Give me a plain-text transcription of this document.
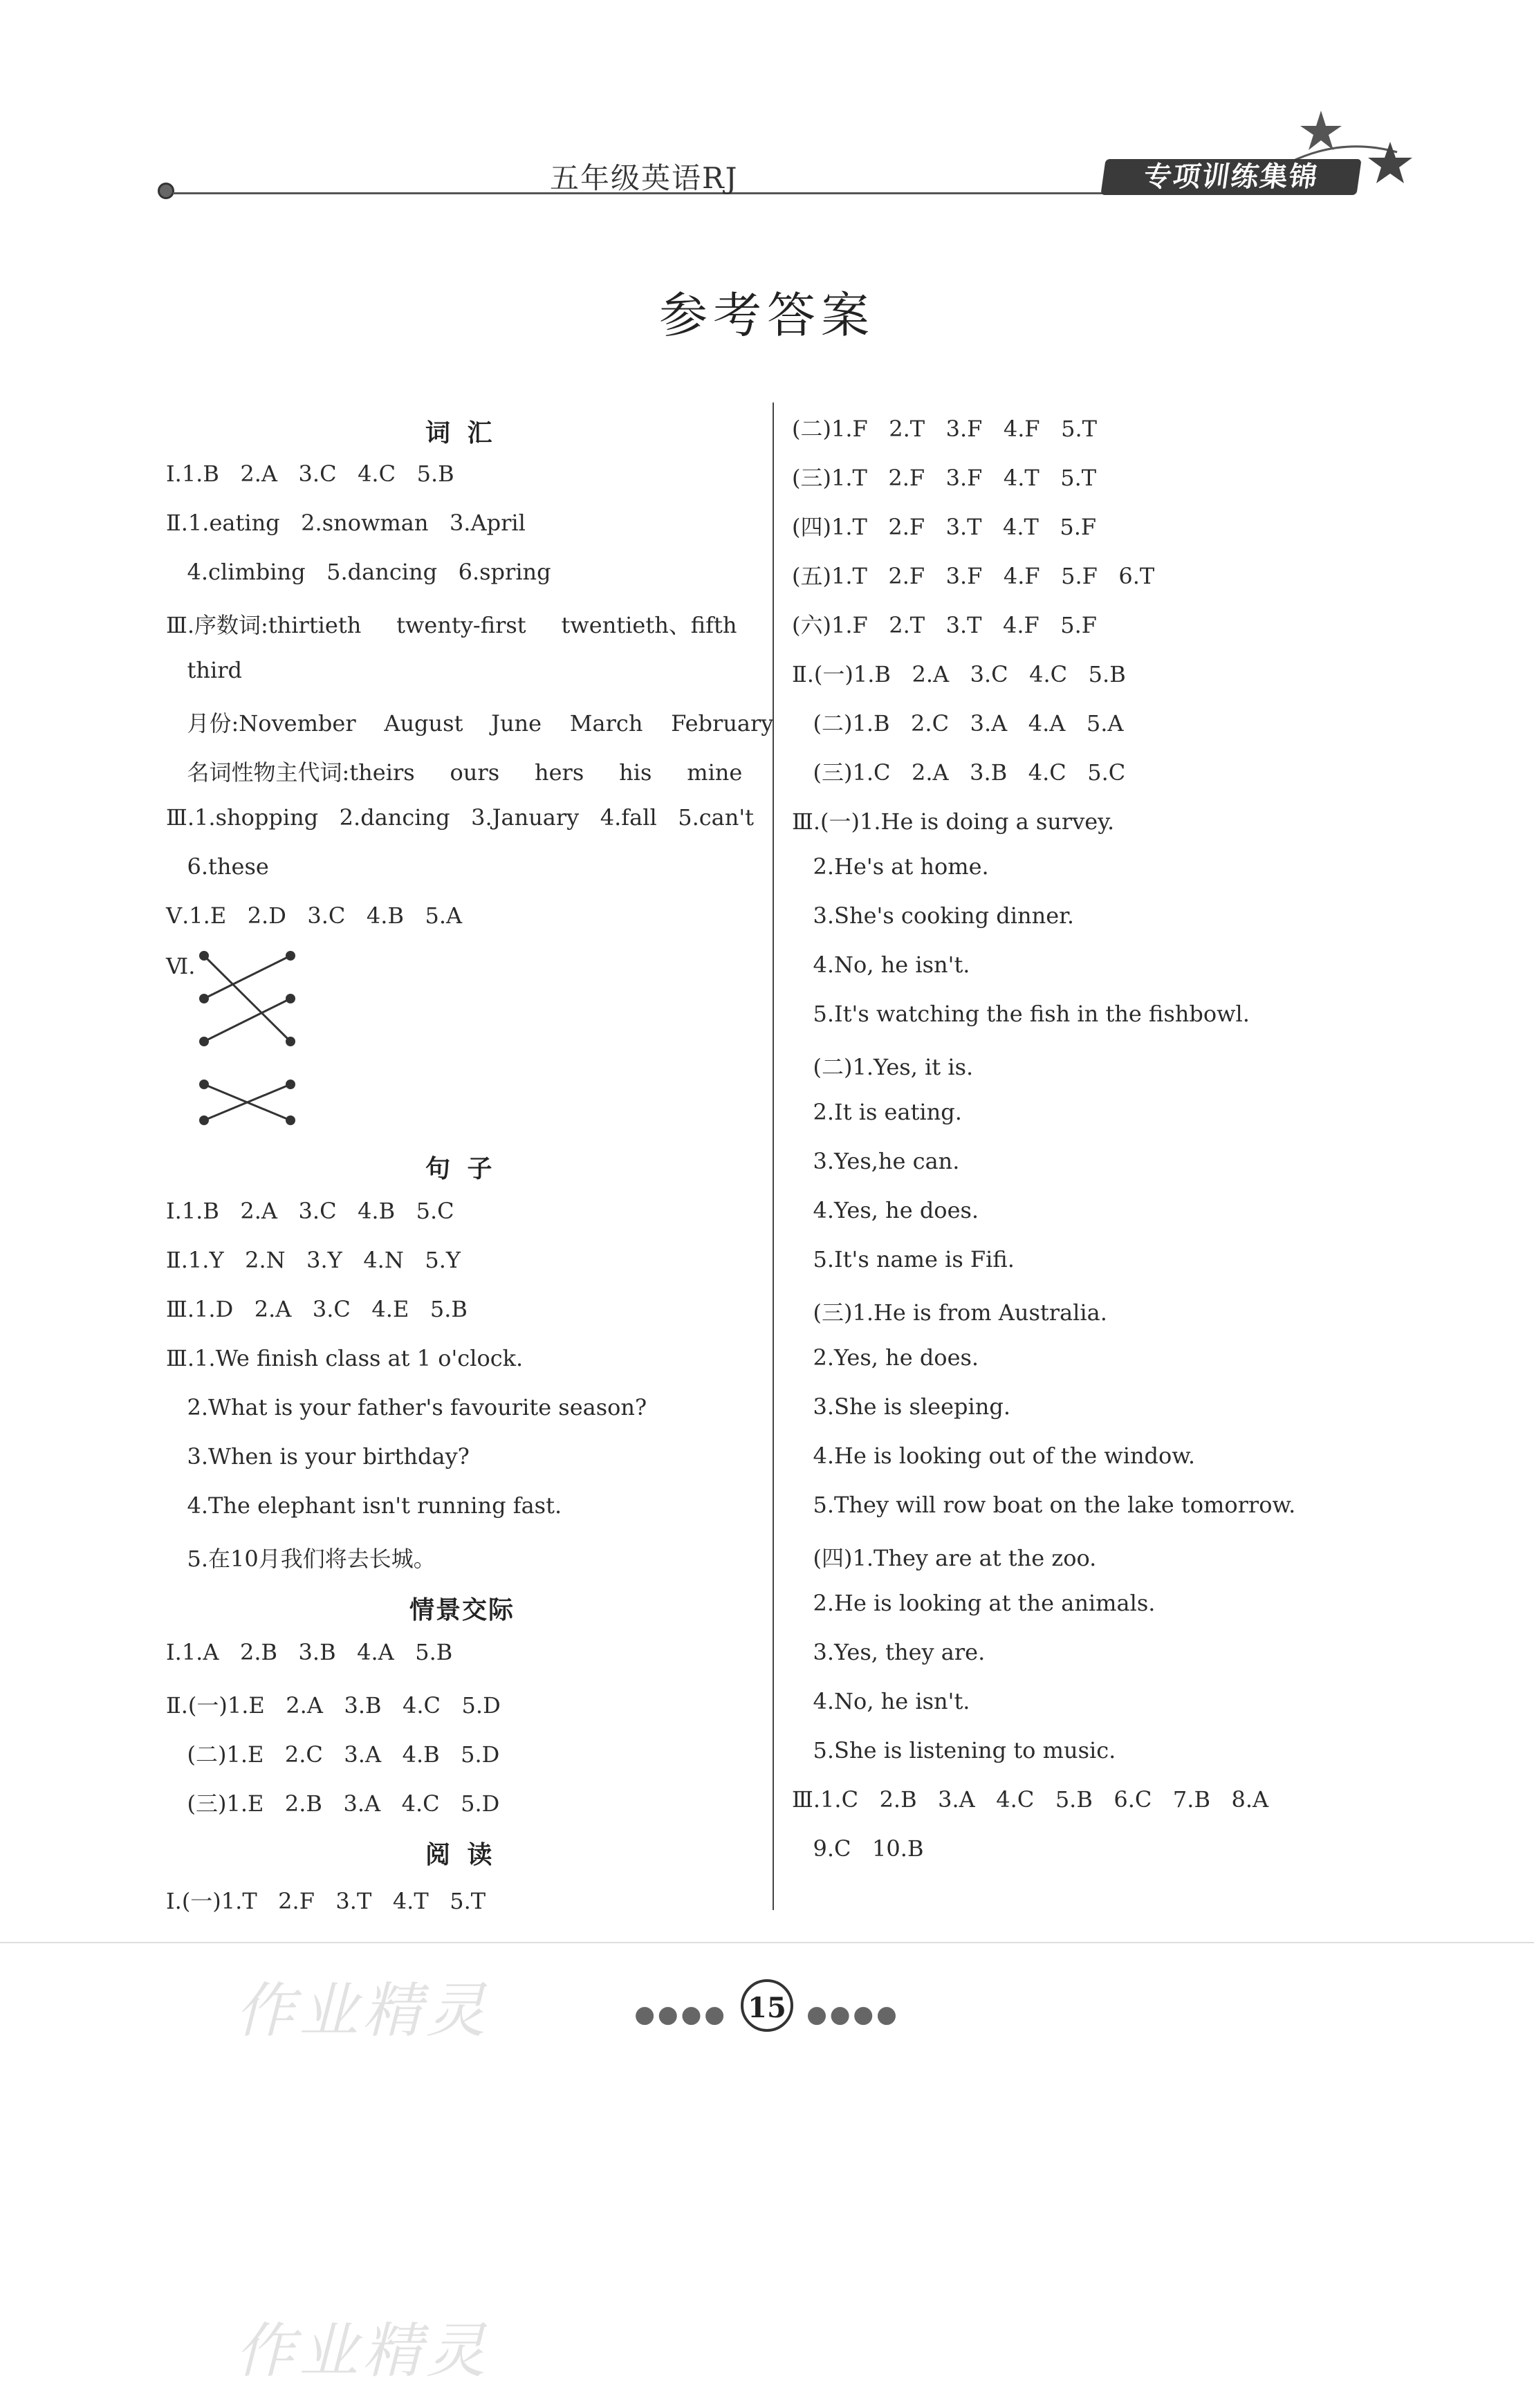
五年级英语RJ	专项训练集锦
参考答案
词 汇
Ⅰ.1.B   2.A   3.C   4.C   5.B
Ⅱ.1.eating   2.snowman   3.April
4.climbing   5.dancing   6.spring
Ⅲ.序数词:thirtieth     twenty-first     twentieth、fifth
third
月份:November    August    June    March    February
名词性物主代词:theirs     ours     hers     his     mine
Ⅲ.1.shopping   2.dancing   3.January   4.fall   5.can't
6.these
Ⅴ.1.E   2.D   3.C   4.B   5.A
Ⅵ.
句 子
Ⅰ.1.B   2.A   3.C   4.B   5.C
Ⅱ.1.Y   2.N   3.Y   4.N   5.Y
Ⅲ.1.D   2.A   3.C   4.E   5.B
Ⅲ.1.We finish class at 1 o'clock.
2.What is your father's favourite season?
3.When is your birthday?
4.The elephant isn't running fast.
5.在10月我们将去长城。
情景交际
Ⅰ.1.A   2.B   3.B   4.A   5.B
Ⅱ.(一)1.E   2.A   3.B   4.C   5.D
(二)1.E   2.C   3.A   4.B   5.D
(三)1.E   2.B   3.A   4.C   5.D
阅 读
Ⅰ.(一)1.T   2.F   3.T   4.T   5.T
(二)1.F   2.T   3.F   4.F   5.T
(三)1.T   2.F   3.F   4.T   5.T
(四)1.T   2.F   3.T   4.T   5.F
(五)1.T   2.F   3.F   4.F   5.F   6.T
(六)1.F   2.T   3.T   4.F   5.F
Ⅱ.(一)1.B   2.A   3.C   4.C   5.B
(二)1.B   2.C   3.A   4.A   5.A
(三)1.C   2.A   3.B   4.C   5.C
Ⅲ.(一)1.He is doing a survey.
2.He's at home.
3.She's cooking dinner.
4.No, he isn't.
5.It's watching the fish in the fishbowl.
(二)1.Yes, it is.
2.It is eating.
3.Yes,he can.
4.Yes, he does.
5.It's name is Fifi.
(三)1.He is from Australia.
2.Yes, he does.
3.She is sleeping.
4.He is looking out of the window.
5.They will row boat on the lake tomorrow.
(四)1.They are at the zoo.
2.He is looking at the animals.
3.Yes, they are.
4.No, he isn't.
5.She is listening to music.
Ⅲ.1.C   2.B   3.A   4.C   5.B   6.C   7.B   8.A
9.C   10.B
●●●● 15 ●●●●
作业精灵
作业精灵
